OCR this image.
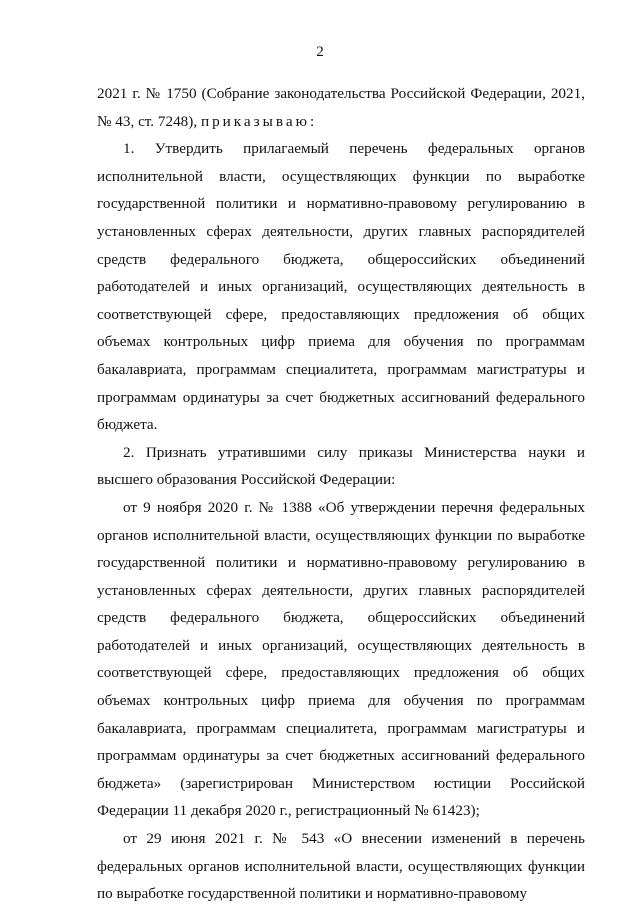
2

2021 г. № 1750 (Собрание законодательства Российской Федерации, 2021, № 43, ст. 7248), приказываю:

1. Утвердить прилагаемый перечень федеральных органов исполнительной власти, осуществляющих функции по выработке государственной политики и нормативно-правовому регулированию в установленных сферах деятельности, других главных распорядителей средств федерального бюджета, общероссийских объединений работодателей и иных организаций, осуществляющих деятельность в соответствующей сфере, предоставляющих предложения об общих объемах контрольных цифр приема для обучения по программам бакалавриата, программам специалитета, программам магистратуры и программам ординатуры за счет бюджетных ассигнований федерального бюджета.

2. Признать утратившими силу приказы Министерства науки и высшего образования Российской Федерации:

от 9 ноября 2020 г. № 1388 «Об утверждении перечня федеральных органов исполнительной власти, осуществляющих функции по выработке государственной политики и нормативно-правовому регулированию в установленных сферах деятельности, других главных распорядителей средств федерального бюджета, общероссийских объединений работодателей и иных организаций, осуществляющих деятельность в соответствующей сфере, предоставляющих предложения об общих объемах контрольных цифр приема для обучения по программам бакалавриата, программам специалитета, программам магистратуры и программам ординатуры за счет бюджетных ассигнований федерального бюджета» (зарегистрирован Министерством юстиции Российской Федерации 11 декабря 2020 г., регистрационный № 61423);

от 29 июня 2021 г. № 543 «О внесении изменений в перечень федеральных органов исполнительной власти, осуществляющих функции по выработке государственной политики и нормативно-правовому
